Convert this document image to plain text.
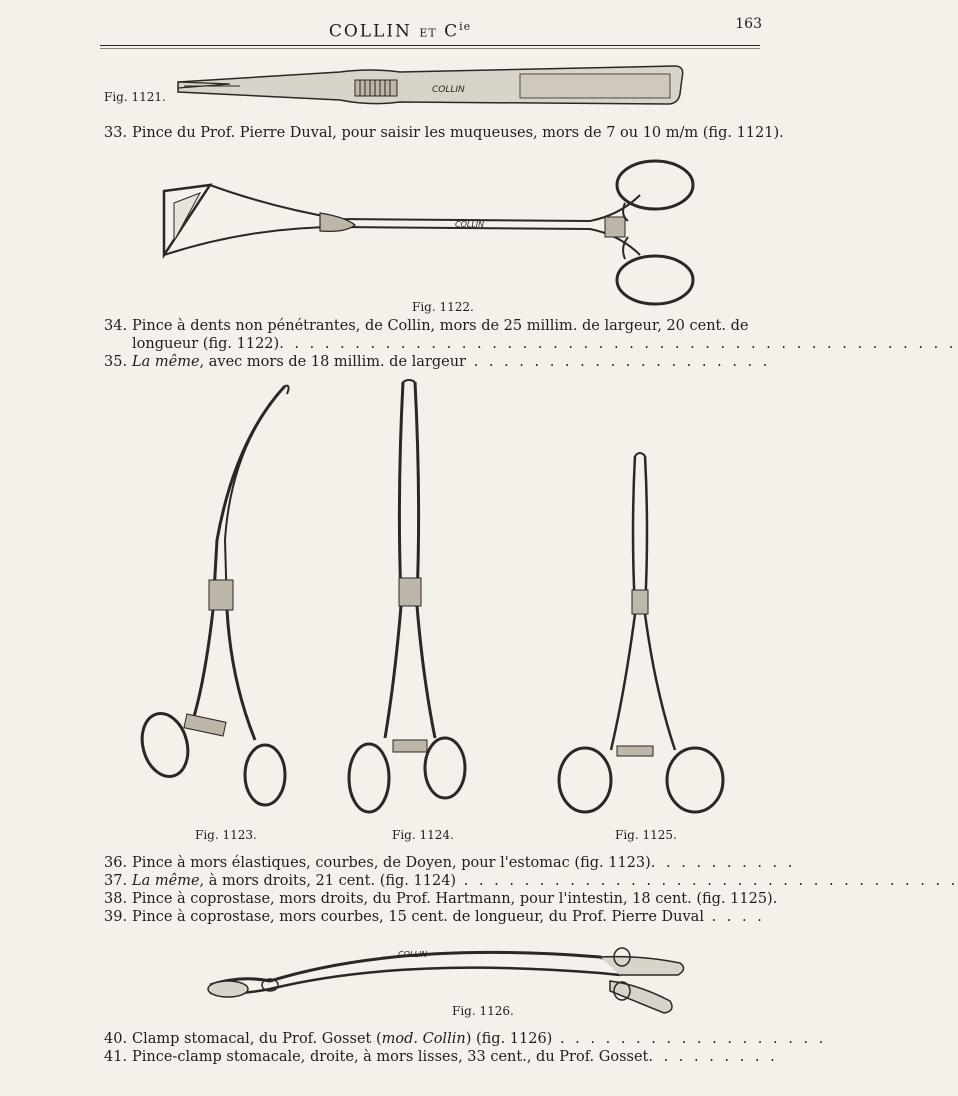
COLLIN ET $C^{ie}$	163
Fig. 1121.	COLLIN
33. Pince du Prof. Pierre Duval, pour saisir les muqueuses, mors de 7 ou 10 m/m (fig. 1121).
COLLIN
Fig. 1122.
34. Pince à dents non pénétrantes, de Collin, mors de 25 millim. de largeur, 20 cent. de
longueur (fig. 1122). . . . . . . . . . . . . . . . . . . . . . . . . . . . . . . . . . . . . . . . . . . . .
35. La même, avec mors de 18 millim. de largeur . . . . . . . . . . . . . . . . . . . .
Fig. 1123.	Fig. 1124.	Fig. 1125.
36. Pince à mors élastiques, courbes, de Doyen, pour l'estomac (fig. 1123). . . . . . . . . .
37. La même, à mors droits, 21 cent. (fig. 1124) . . . . . . . . . . . . . . . . . . . . . . . . . . . . . . . . .
38. Pince à coprostase, mors droits, du Prof. Hartmann, pour l'intestin, 18 cent. (fig. 1125).
39. Pince à coprostase, mors courbes, 15 cent. de longueur, du Prof. Pierre Duval . . . .
COLLIN
Fig. 1126.
40. Clamp stomacal, du Prof. Gosset (mod. Collin) (fig. 1126) . . . . . . . . . . . . . . . . . .
41. Pince-clamp stomacale, droite, à mors lisses, 33 cent., du Prof. Gosset. . . . . . . . .
